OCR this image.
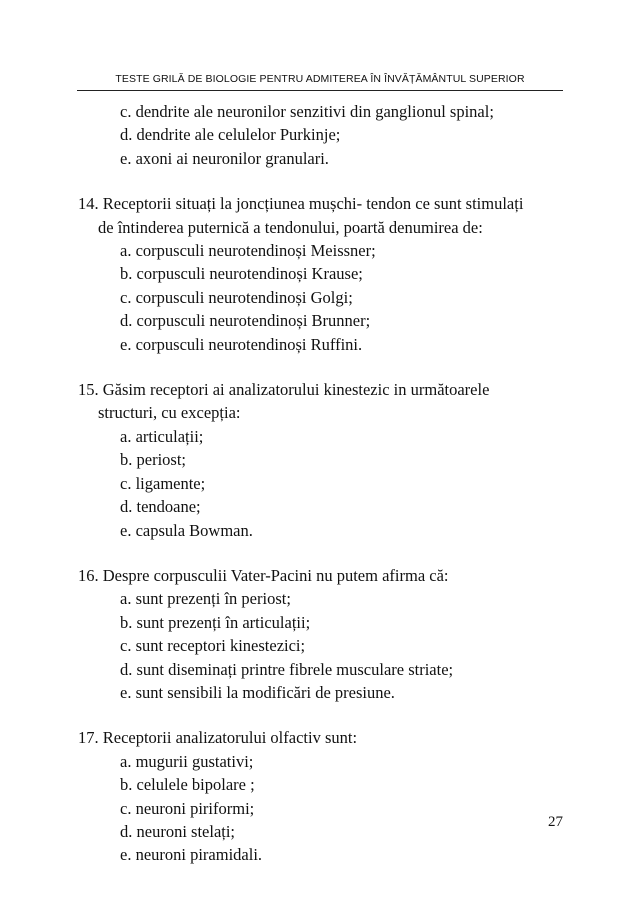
TESTE GRILĂ DE BIOLOGIE PENTRU ADMITEREA ÎN ÎNVĂȚĂMÂNTUL SUPERIOR
c. dendrite ale neuronilor senzitivi din ganglionul spinal;
d. dendrite ale celulelor Purkinje;
e. axoni ai neuronilor granulari.
14. Receptorii situați la joncțiunea mușchi- tendon ce sunt stimulați
de întinderea puternică a tendonului, poartă denumirea de:
a. corpusculi neurotendinoși Meissner;
b. corpusculi neurotendinoși Krause;
c. corpusculi neurotendinoși Golgi;
d. corpusculi neurotendinoși Brunner;
e. corpusculi neurotendinoși Ruffini.
15. Găsim receptori ai analizatorului kinestezic in următoarele
structuri, cu excepția:
a. articulații;
b. periost;
c. ligamente;
d. tendoane;
e. capsula Bowman.
16. Despre corpusculii Vater-Pacini nu putem afirma că:
a. sunt prezenți în periost;
b. sunt prezenți în articulații;
c. sunt receptori kinestezici;
d. sunt diseminați printre fibrele musculare striate;
e. sunt sensibili la modificări de presiune.
17. Receptorii analizatorului olfactiv sunt:
a. mugurii gustativi;
b. celulele bipolare ;
c. neuroni piriformi;
d. neuroni stelați;
e. neuroni piramidali.
27
